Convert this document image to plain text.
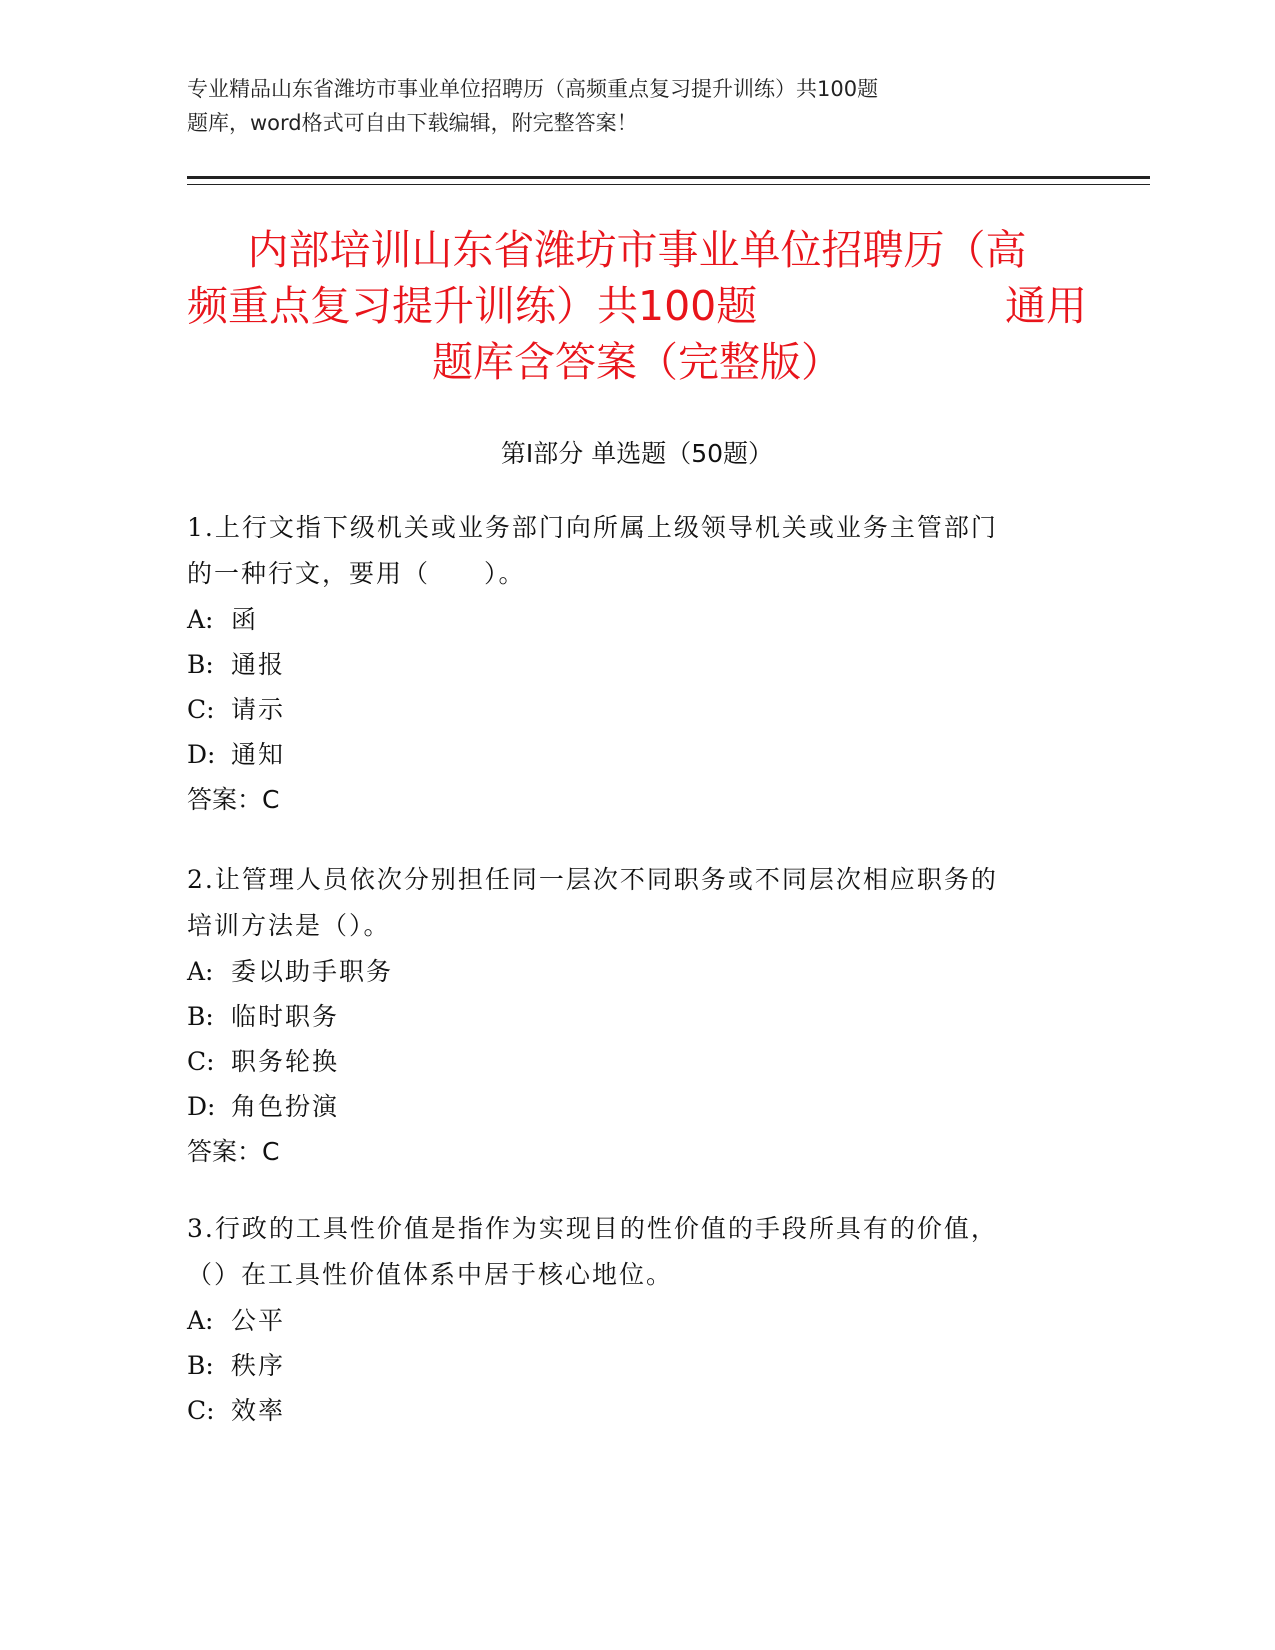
专业精品山东省潍坊市事业单位招聘历（高频重点复习提升训练）共100题
题库，word格式可自由下载编辑，附完整答案！
内部培训山东省潍坊市事业单位招聘历（高
频重点复习提升训练）共100题	通用
题库含答案（完整版）
第Ⅰ部分 单选题（50题）
1.上行文指下级机关或业务部门向所属上级领导机关或业务主管部门
的一种行文，要用（　　）。
A: 函
B: 通报
C: 请示
D: 通知
答案：C
2.让管理人员依次分别担任同一层次不同职务或不同层次相应职务的
培训方法是（）。
A: 委以助手职务
B: 临时职务
C: 职务轮换
D: 角色扮演
答案：C
3.行政的工具性价值是指作为实现目的性价值的手段所具有的价值，
（）在工具性价值体系中居于核心地位。
A: 公平
B: 秩序
C: 效率
